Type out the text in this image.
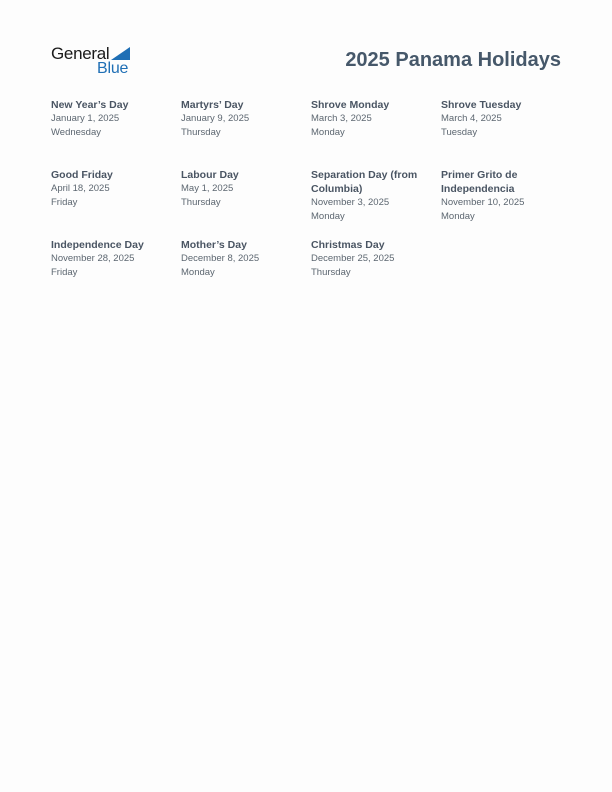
General
Blue	2025 Panama Holidays
New Year’s Day
January 1, 2025
Wednesday
Martyrs’ Day
January 9, 2025
Thursday
Shrove Monday
March 3, 2025
Monday
Shrove Tuesday
March 4, 2025
Tuesday
Good Friday
April 18, 2025
Friday
Labour Day
May 1, 2025
Thursday
Separation Day (from Columbia)
November 3, 2025
Monday
Primer Grito de Independencia
November 10, 2025
Monday
Independence Day
November 28, 2025
Friday
Mother’s Day
December 8, 2025
Monday
Christmas Day
December 25, 2025
Thursday
